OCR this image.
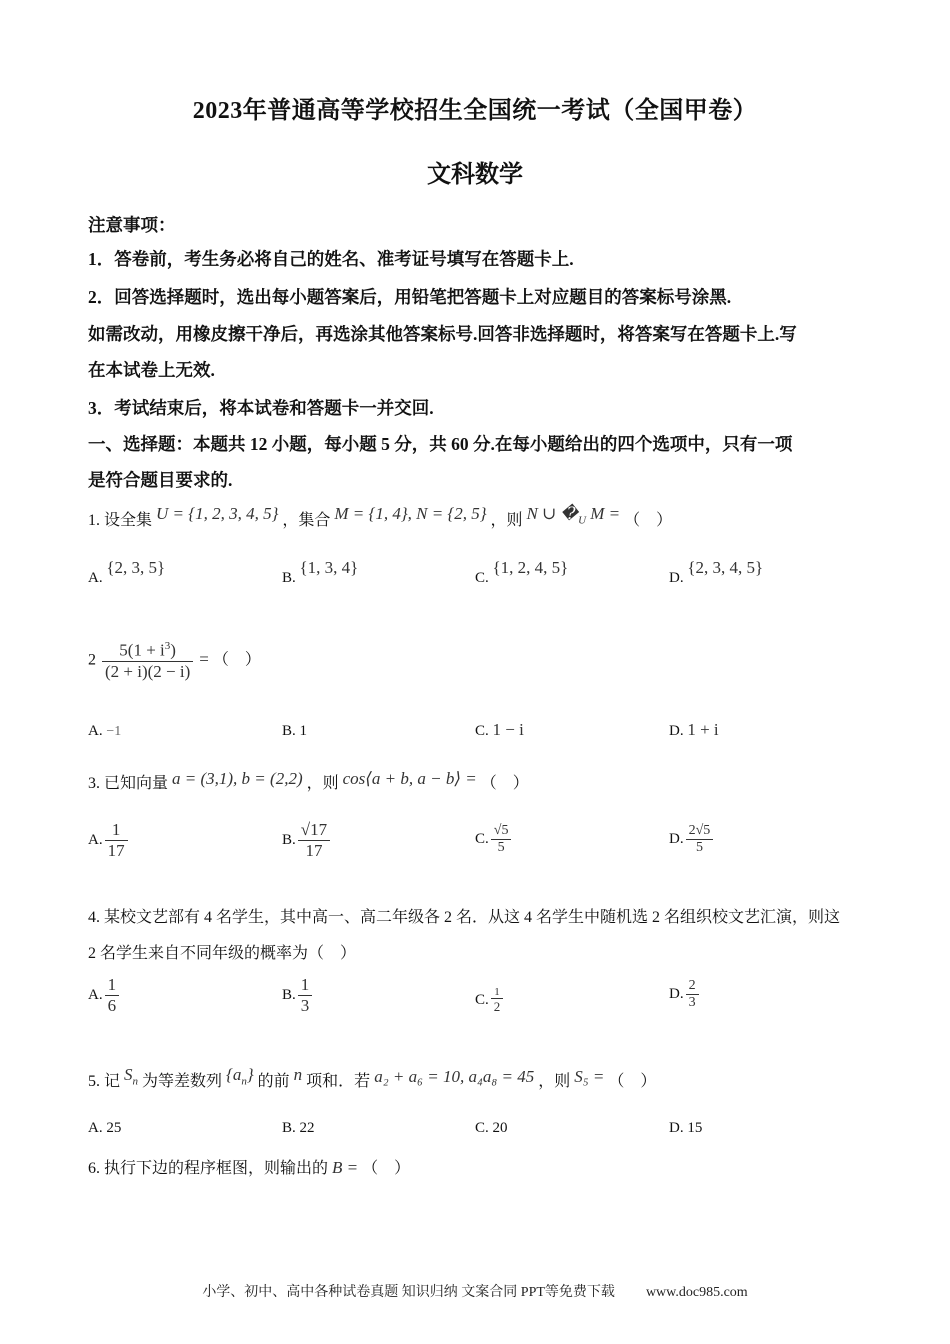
2023年普通高等学校招生全国统一考试（全国甲卷）
文科数学
注意事项：
1．答卷前，考生务必将自己的姓名、准考证号填写在答题卡上.
2．回答选择题时，选出每小题答案后，用铅笔把答题卡上对应题目的答案标号涂黑.
如需改动，用橡皮擦干净后，再选涂其他答案标号.回答非选择题时，将答案写在答题卡上.写
在本试卷上无效.
3．考试结束后，将本试卷和答题卡一并交回.
一、选择题：本题共 12 小题，每小题 5 分，共 60 分.在每小题给出的四个选项中，只有一项
是符合题目要求的.
1. 设全集 U = {1, 2, 3, 4, 5} ，集合 M = {1, 4}, N = {2, 5} ，则 N ∪ $�_U$ M = （　）
A. {2, 3, 5}
B. {1, 3, 4}
C. {1, 2, 4, 5}
D. {2, 3, 4, 5}
$2 \frac{5(1 + i^3)}{(2 + i)(2 - i)}$ = （　）
A. −1	B. 1	C. 1 − i	D. 1 + i
3. 已知向量 a = (3,1), b = (2,2) ，则 cos⟨a + b, a − b⟩ = （　）
A. $\frac{1}{17}$	B. $\frac{√17}{17}$	C. $\frac{√5}{5}$	D. $\frac{2√5}{5}$
4. 某校文艺部有 4 名学生，其中高一、高二年级各 2 名．从这 4 名学生中随机选 2 名组织校文艺汇演，则这
2 名学生来自不同年级的概率为（　）
A. $\frac{1}{6}$	B. $\frac{1}{3}$	C. $\frac{1}{2}$	D. $\frac{2}{3}$
5. 记 $S_n$ 为等差数列 $\{a_n\}$ 的前 n 项和．若 a₂ + a₆ = 10, a₄a₈ = 45 ，则 S₅ = （　）
A. 25	B. 22	C. 20	D. 15
6. 执行下边的程序框图，则输出的 B = （　）
小学、初中、高中各种试卷真题 知识归纳 文案合同 PPT等免费下载 www.doc985.com
